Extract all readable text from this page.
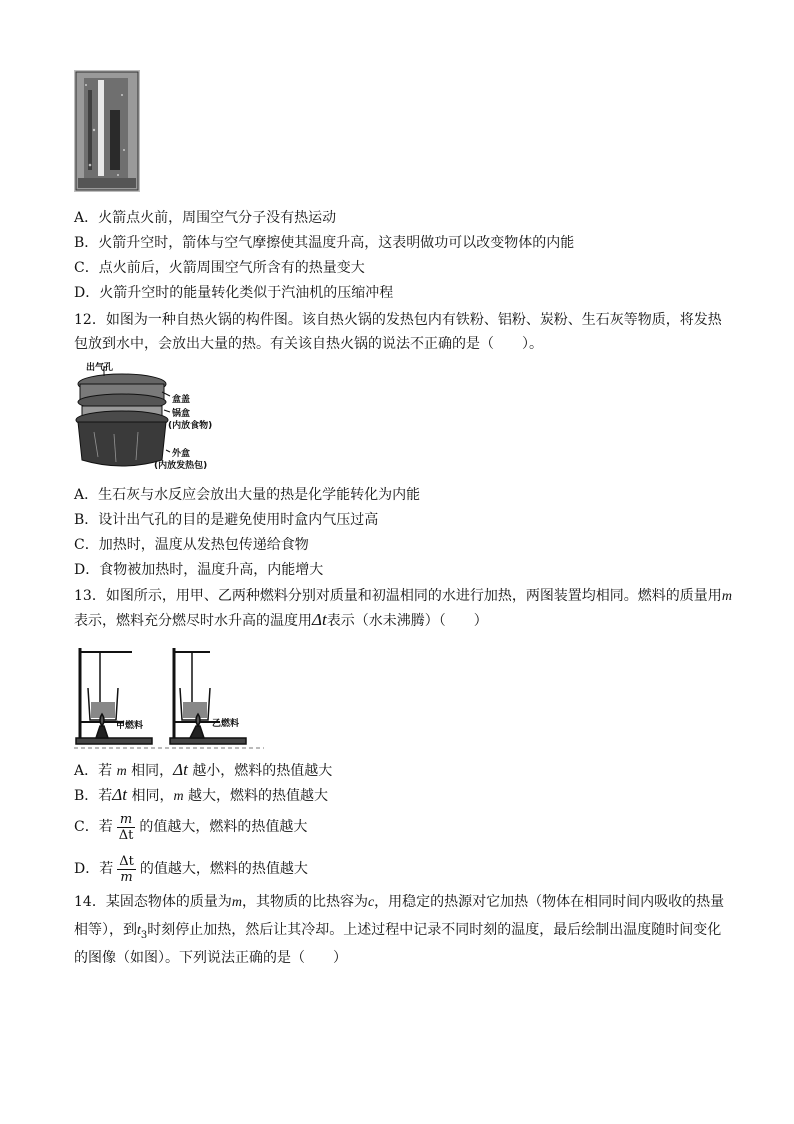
A．火箭点火前，周围空气分子没有热运动
B．火箭升空时，箭体与空气摩擦使其温度升高，这表明做功可以改变物体的内能
C．点火前后，火箭周围空气所含有的热量变大
D．火箭升空时的能量转化类似于汽油机的压缩冲程
12．如图为一种自热火锅的构件图。该自热火锅的发热包内有铁粉、铝粉、炭粉、生石灰等物质，将发热
包放到水中，会放出大量的热。有关该自热火锅的说法不正确的是（　　）。
出气孔
盒盖
锅盒
(内放食物)
外盒
(内放发热包)
A．生石灰与水反应会放出大量的热是化学能转化为内能
B．设计出气孔的目的是避免使用时盒内气压过高
C．加热时，温度从发热包传递给食物
D．食物被加热时，温度升高，内能增大
13．如图所示，用甲、乙两种燃料分别对质量和初温相同的水进行加热，两图装置均相同。燃料的质量用m
表示，燃料充分燃尽时水升高的温度用Δt表示（水未沸腾）（　　）
甲燃料	乙燃料
A．若 m 相同，Δt 越小，燃料的热值越大
B．若Δt 相同，m 越大，燃料的热值越大
C．若 $\frac{m}{\Delta t}$ 的值越大，燃料的热值越大
D．若 $\frac{\Delta t}{m}$ 的值越大，燃料的热值越大
14．某固态物体的质量为m，其物质的比热容为c，用稳定的热源对它加热（物体在相同时间内吸收的热量
相等），到$t_3$时刻停止加热，然后让其冷却。上述过程中记录不同时刻的温度，最后绘制出温度随时间变化
的图像（如图）。下列说法正确的是（　　）
